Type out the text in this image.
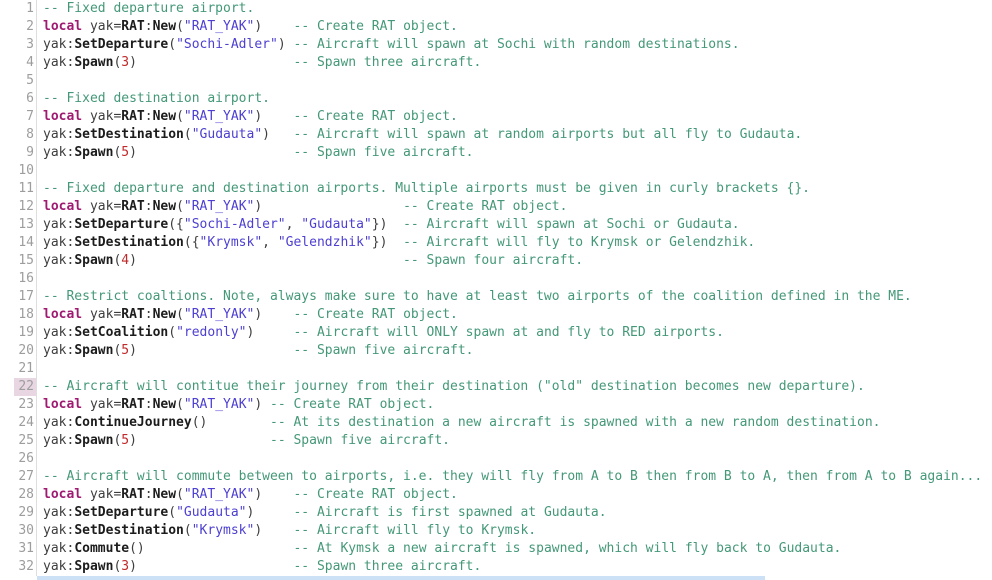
1 -- Fixed departure airport.
2 local yak=RAT:New("RAT_YAK")    -- Create RAT object.
3 yak:SetDeparture("Sochi-Adler") -- Aircraft will spawn at Sochi with random destinations.
4 yak:Spawn(3)                    -- Spawn three aircraft.
5
6 -- Fixed destination airport.
7 local yak=RAT:New("RAT_YAK")    -- Create RAT object.
8 yak:SetDestination("Gudauta")   -- Aircraft will spawn at random airports but all fly to Gudauta.
9 yak:Spawn(5)                    -- Spawn five aircraft.
10
11 -- Fixed departure and destination airports. Multiple airports must be given in curly brackets {}.
12 local yak=RAT:New("RAT_YAK")                  -- Create RAT object.
13 yak:SetDeparture({"Sochi-Adler", "Gudauta"})  -- Aircraft will spawn at Sochi or Gudauta.
14 yak:SetDestination({"Krymsk", "Gelendzhik"})  -- Aircraft will fly to Krymsk or Gelendzhik.
15 yak:Spawn(4)                                  -- Spawn four aircraft.
16
17 -- Restrict coaltions. Note, always make sure to have at least two airports of the coalition defined in the ME.
18 local yak=RAT:New("RAT_YAK")    -- Create RAT object.
19 yak:SetCoalition("redonly")     -- Aircraft will ONLY spawn at and fly to RED airports.
20 yak:Spawn(5)                    -- Spawn five aircraft.
21
22 -- Aircraft will contitue their journey from their destination ("old" destination becomes new departure).
23 local yak=RAT:New("RAT_YAK") -- Create RAT object.
24 yak:ContinueJourney()        -- At its destination a new aircraft is spawned with a new random destination.
25 yak:Spawn(5)                 -- Spawn five aircraft.
26
27 -- Aircraft will commute between to airports, i.e. they will fly from A to B then from B to A, then from A to B again...
28 local yak=RAT:New("RAT_YAK")    -- Create RAT object.
29 yak:SetDeparture("Gudauta")     -- Aircraft is first spawned at Gudauta.
30 yak:SetDestination("Krymsk")    -- Aircraft will fly to Krymsk.
31 yak:Commute()                   -- At Kymsk a new aircraft is spawned, which will fly back to Gudauta.
32 yak:Spawn(3)                    -- Spawn three aircraft.
